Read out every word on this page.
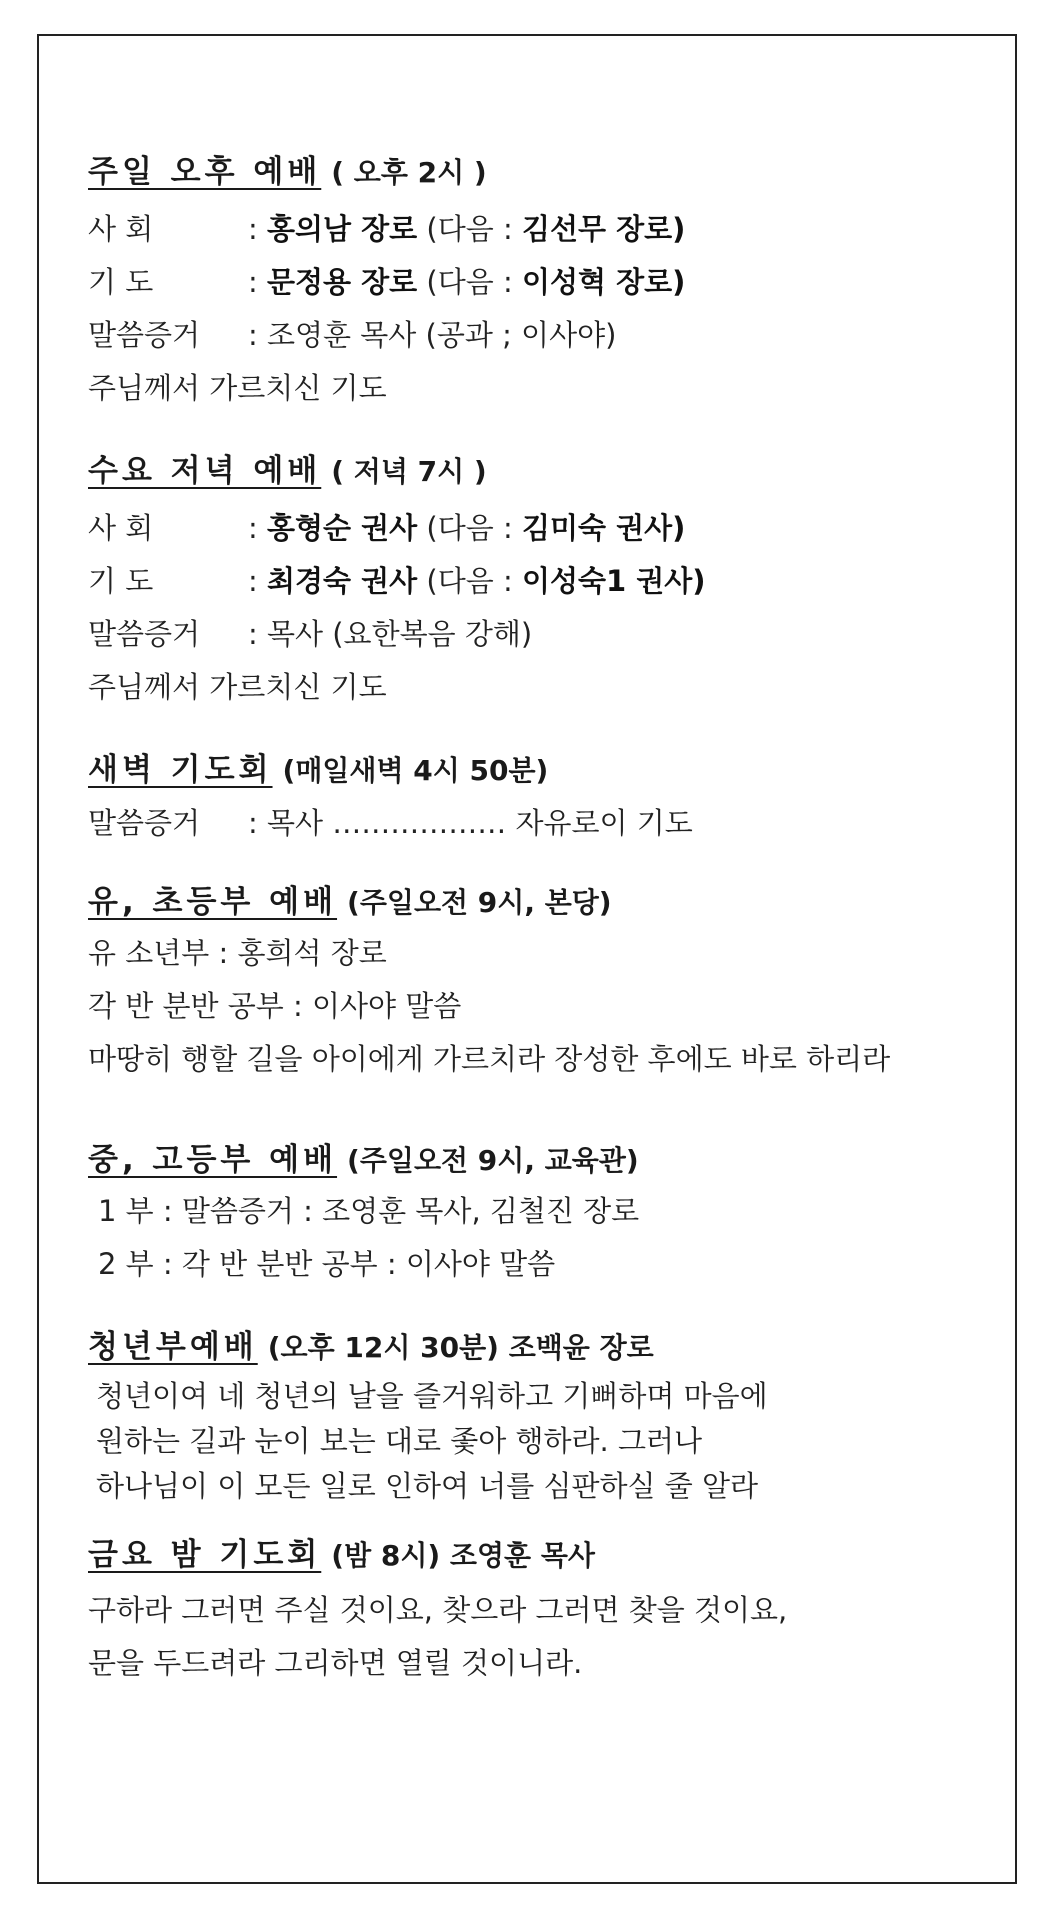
주일 오후 예배 ( 오후 2시 )
사 회	: 홍의남 장로 (다음 : 김선무 장로)
기 도	: 문정용 장로 (다음 : 이성혁 장로)
말씀증거 : 조영훈 목사 (공과 ; 이사야)
주님께서 가르치신 기도
수요 저녁 예배 ( 저녁 7시 )
사 회	: 홍형순 권사 (다음 : 김미숙 권사)
기 도	: 최경숙 권사 (다음 : 이성숙1 권사)
말씀증거 : 목사 (요한복음 강해)
주님께서 가르치신 기도
새벽 기도회 (매일새벽 4시 50분)
말씀증거 : 목사 ……………… 자유로이 기도
유, 초등부 예배 (주일오전 9시, 본당)
유 소년부 : 홍희석 장로
각 반 분반 공부 : 이사야 말씀
마땅히 행할 길을 아이에게 가르치라 장성한 후에도 바로 하리라
중, 고등부 예배 (주일오전 9시, 교육관)
1 부 : 말씀증거 : 조영훈 목사, 김철진 장로
2 부 : 각 반 분반 공부 : 이사야 말씀
청년부예배 (오후 12시 30분) 조백윤 장로
청년이여 네 청년의 날을 즐거워하고 기뻐하며 마음에
원하는 길과 눈이 보는 대로 좇아 행하라. 그러나
하나님이 이 모든 일로 인하여 너를 심판하실 줄 알라
금요 밤 기도회 (밤 8시) 조영훈 목사
구하라 그러면 주실 것이요, 찾으라 그러면 찾을 것이요,
문을 두드려라 그리하면 열릴 것이니라.
